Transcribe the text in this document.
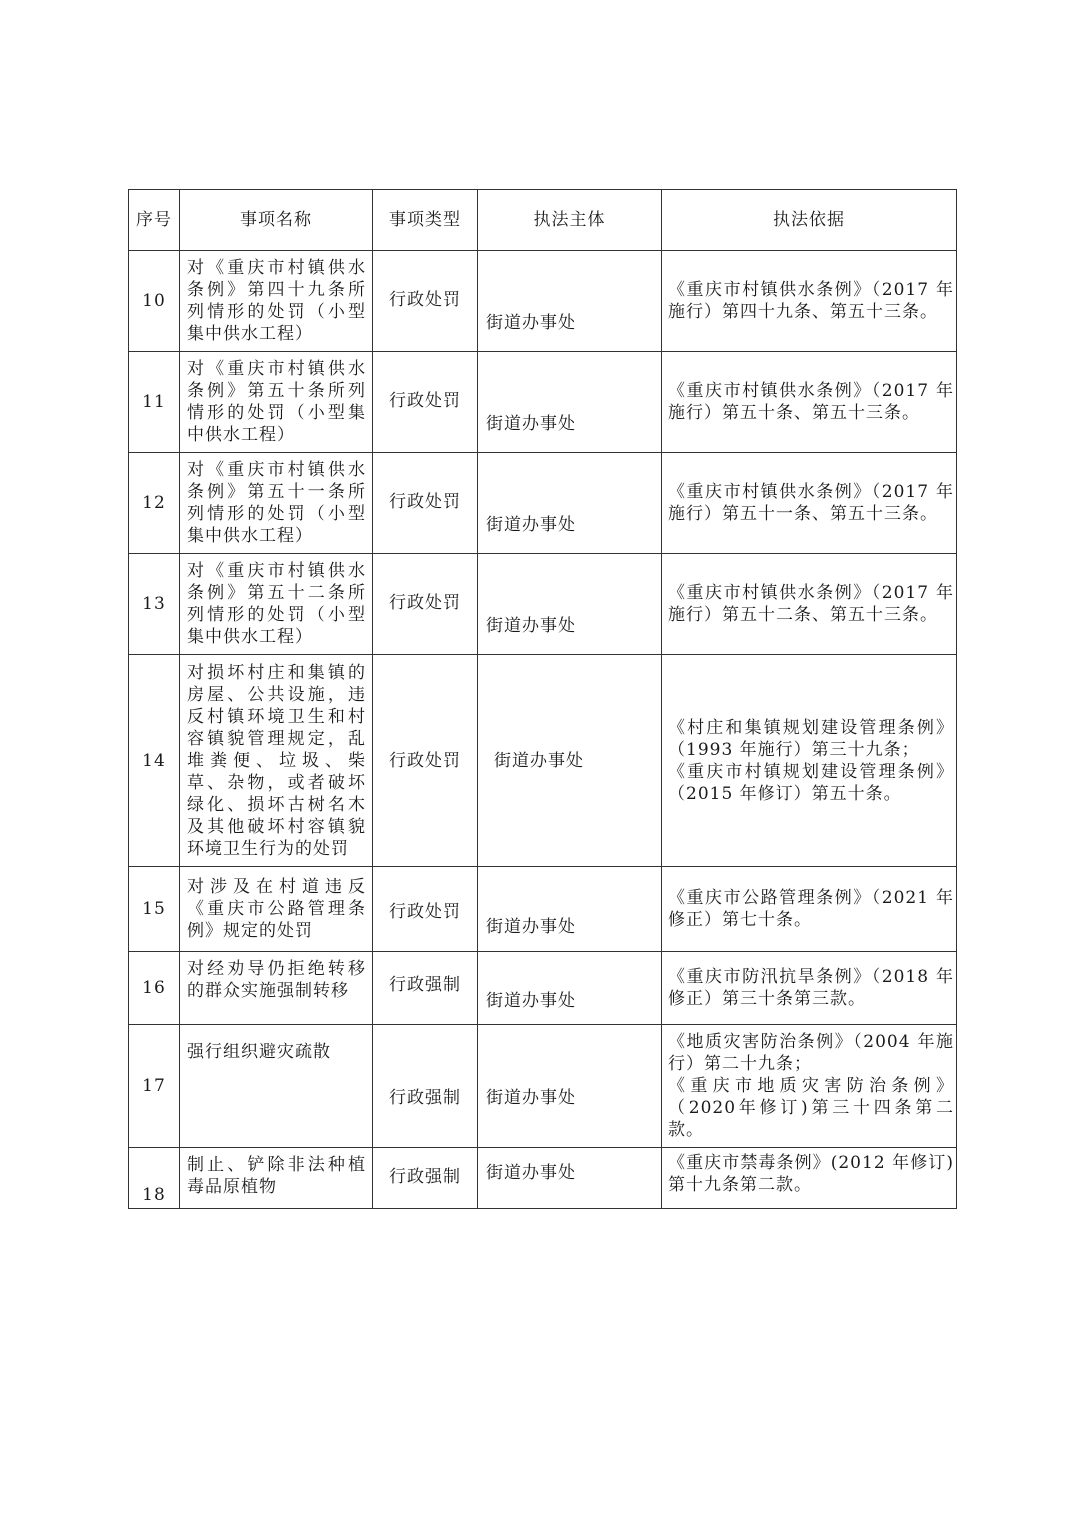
序号	事项名称	事项类型	执法主体	执法依据
10	对《重庆市村镇供水条例》第四十九条所列情形的处罚（小型集中供水工程）	行政处罚	街道办事处	《重庆市村镇供水条例》（2017 年施行）第四十九条、第五十三条。

11	对《重庆市村镇供水条例》第五十条所列情形的处罚（小型集中供水工程）	行政处罚	街道办事处	《重庆市村镇供水条例》（2017 年施行）第五十条、第五十三条。

12	对《重庆市村镇供水条例》第五十一条所列情形的处罚（小型集中供水工程）	行政处罚	街道办事处	《重庆市村镇供水条例》（2017 年施行）第五十一条、第五十三条。

13	对《重庆市村镇供水条例》第五十二条所列情形的处罚（小型集中供水工程）	行政处罚	街道办事处	《重庆市村镇供水条例》（2017 年施行）第五十二条、第五十三条。

14	对损坏村庄和集镇的房屋、公共设施，违反村镇环境卫生和村容镇貌管理规定，乱堆粪便、垃圾、柴草、杂物，或者破坏绿化、损坏古树名木及其他破坏村容镇貌环境卫生行为的处罚	行政处罚	街道办事处	《村庄和集镇规划建设管理条例》（1993 年施行）第三十九条；
《重庆市村镇规划建设管理条例》（2015 年修订）第五十条。

15	对涉及在村道违反《重庆市公路管理条例》规定的处罚	行政处罚	街道办事处	《重庆市公路管理条例》（2021 年修正）第七十条。

16	对经劝导仍拒绝转移的群众实施强制转移	行政强制	街道办事处	《重庆市防汛抗旱条例》（2018 年修正）第三十条第三款。

17	强行组织避灾疏散	行政强制	街道办事处	《地质灾害防治条例》（2004 年施行）第二十九条；
《重庆市地质灾害防治条例》（2020年修订)第三十四条第二款。

18	制止、铲除非法种植毒品原植物	行政强制	街道办事处	《重庆市禁毒条例》(2012 年修订)第十九条第二款。
